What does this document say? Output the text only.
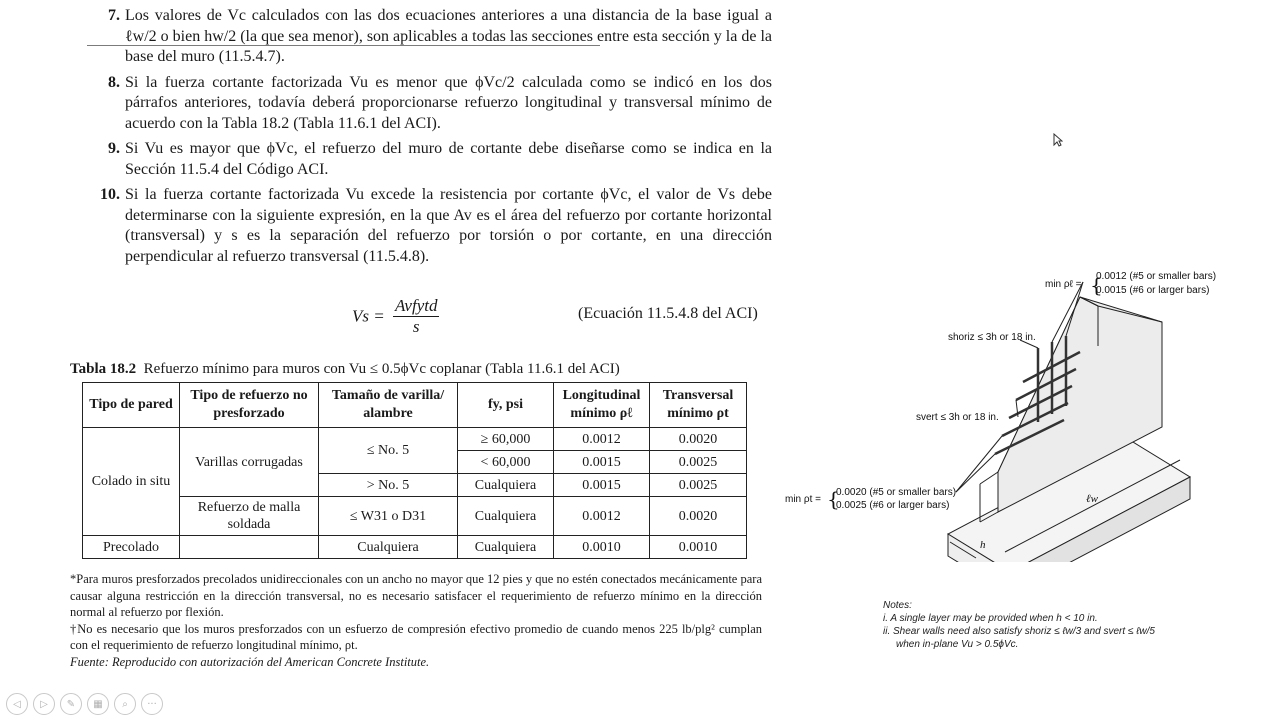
7. Los valores de Vc calculados con las dos ecuaciones anteriores a una distancia de la base igual a ℓw/2 o bien hw/2 (la que sea menor), son aplicables a todas las secciones entre esta sección y la de la base del muro (11.5.4.7).
8. Si la fuerza cortante factorizada Vu es menor que ϕVc/2 calculada como se indicó en los dos párrafos anteriores, todavía deberá proporcionarse refuerzo longitudinal y transversal mínimo de acuerdo con la Tabla 18.2 (Tabla 11.6.1 del ACI).
9. Si Vu es mayor que ϕVc, el refuerzo del muro de cortante debe diseñarse como se indica en la Sección 11.5.4 del Código ACI.
10. Si la fuerza cortante factorizada Vu excede la resistencia por cortante ϕVc, el valor de Vs debe determinarse con la siguiente expresión, en la que Av es el área del refuerzo por cortante horizontal (transversal) y s es la separación del refuerzo por torsión o por cortante, en una dirección perpendicular al refuerzo transversal (11.5.4.8).
Vs =
Avfytd
s
(Ecuación 11.5.4.8 del ACI)
Tabla 18.2 Refuerzo mínimo para muros con Vu ≤ 0.5ϕVc coplanar (Tabla 11.6.1 del ACI)
Tipo de pared	Tipo de refuerzo no presforzado	Tamaño de varilla/ alambre	fy, psi	Longitudinal mínimo ρℓ	Transversal mínimo ρt
Colado in situ	Varillas corrugadas	≤ No. 5	≥ 60,000	0.0012	0.0020
			< 60,000	0.0015	0.0025
		> No. 5	Cualquiera	0.0015	0.0025
	Refuerzo de malla soldada	≤ W31 o D31	Cualquiera	0.0012	0.0020
Precolado		Cualquiera	Cualquiera	0.0010	0.0010

*Para muros presforzados precolados unidireccionales con un ancho no mayor que 12 pies y que no estén conectados mecánicamente para causar alguna restricción en la dirección transversal, no es necesario satisfacer el requerimiento de refuerzo mínimo en la dirección normal al refuerzo por flexión.

†No es necesario que los muros presforzados con un esfuerzo de compresión efectivo promedio de cuando menos 225 lb/plg² cumplan con el requerimiento de refuerzo longitudinal mínimo, ρt.

Fuente: Reproducido con autorización del American Concrete Institute.

min ρℓ =
0.0012 (#5 or smaller bars)
0.0015 (#6 or larger bars)
{
shoriz ≤ 3h or 18 in.
svert ≤ 3h or 18 in.
min ρt = {
0.0020 (#5 or smaller bars)
0.0025 (#6 or larger bars)
ℓw
h

Notes:

i. A single layer may be provided when h < 10 in.

ii. Shear walls need also satisfy shoriz ≤ ℓw/3 and svert ≤ ℓw/5

when in-plane Vu > 0.5ϕVc.

◁	▷	✎	▦	⌕	···
